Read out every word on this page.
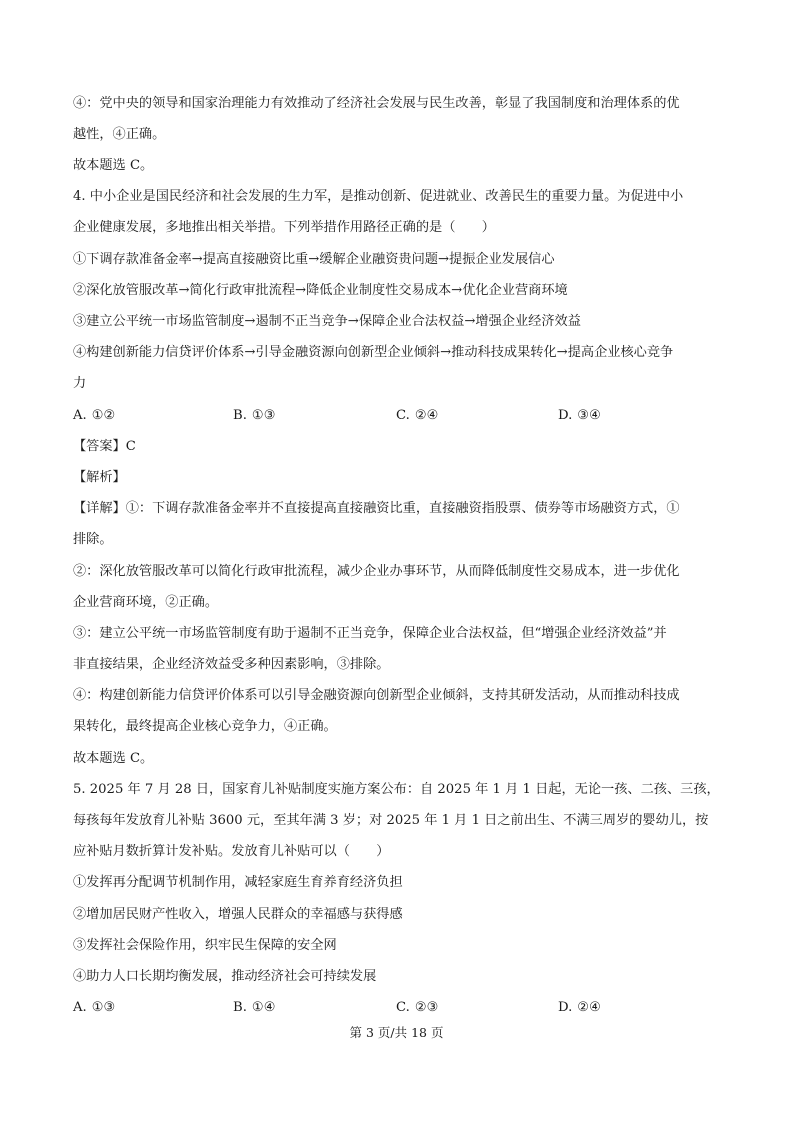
④：党中央的领导和国家治理能力有效推动了经济社会发展与民生改善，彰显了我国制度和治理体系的优
越性，④正确。
故本题选 C。
4. 中小企业是国民经济和社会发展的生力军，是推动创新、促进就业、改善民生的重要力量。为促进中小
企业健康发展，多地推出相关举措。下列举措作用路径正确的是（　　）
①下调存款准备金率→提高直接融资比重→缓解企业融资贵问题→提振企业发展信心
②深化放管服改革→简化行政审批流程→降低企业制度性交易成本→优化企业营商环境
③建立公平统一市场监管制度→遏制不正当竞争→保障企业合法权益→增强企业经济效益
④构建创新能力信贷评价体系→引导金融资源向创新型企业倾斜→推动科技成果转化→提高企业核心竞争
力
A. ①②	B. ①③	C. ②④	D. ③④
【答案】C
【解析】
【详解】①：下调存款准备金率并不直接提高直接融资比重，直接融资指股票、债券等市场融资方式，①
排除。
②：深化放管服改革可以简化行政审批流程，减少企业办事环节，从而降低制度性交易成本，进一步优化
企业营商环境，②正确。
③：建立公平统一市场监管制度有助于遏制不正当竞争，保障企业合法权益，但“增强企业经济效益”并
非直接结果，企业经济效益受多种因素影响，③排除。
④：构建创新能力信贷评价体系可以引导金融资源向创新型企业倾斜，支持其研发活动，从而推动科技成
果转化，最终提高企业核心竞争力，④正确。
故本题选 C。
5. 2025 年 7 月 28 日，国家育儿补贴制度实施方案公布：自 2025 年 1 月 1 日起，无论一孩、二孩、三孩，
每孩每年发放育儿补贴 3600 元，至其年满 3 岁；对 2025 年 1 月 1 日之前出生、不满三周岁的婴幼儿，按
应补贴月数折算计发补贴。发放育儿补贴可以（　　）
①发挥再分配调节机制作用，减轻家庭生育养育经济负担
②增加居民财产性收入，增强人民群众的幸福感与获得感
③发挥社会保险作用，织牢民生保障的安全网
④助力人口长期均衡发展，推动经济社会可持续发展
A. ①③	B. ①④	C. ②③	D. ②④
第 3 页/共 18 页
